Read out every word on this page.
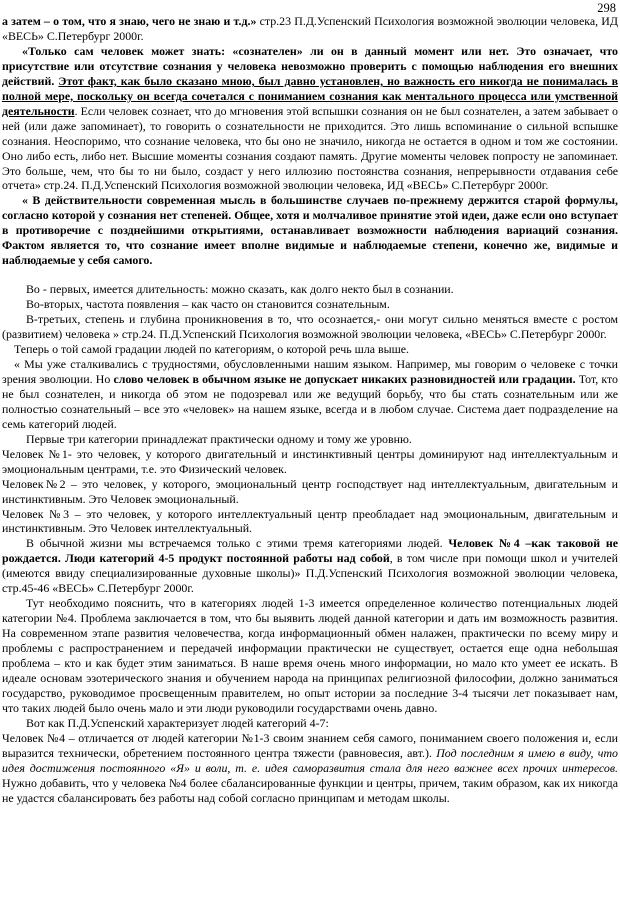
298

а затем – о том, что я знаю, чего не знаю и т.д.» стр.23 П.Д.Успенский Психология возможной эволюции человека, ИД «ВЕСЬ» С.Петербург 2000г.

«Только сам человек может знать: «сознателен» ли он в данный момент или нет. Это означает, что присутствие или отсутствие сознания у человека невозможно проверить с помощью наблюдения его внешних действий. Этот факт, как было сказано мною, был давно установлен, но важность его никогда не понималась в полной мере, поскольку он всегда сочетался с пониманием сознания как ментального процесса или умственной деятельности. Если человек сознает, что до мгновения этой вспышки сознания он не был сознателен, а затем забывает о ней (или даже запоминает), то говорить о сознательности не приходится. Это лишь вспоминание о сильной вспышке сознания. Неоспоримо, что сознание человека, что бы оно не значило, никогда не остается в одном и том же состоянии. Оно либо есть, либо нет. Высшие моменты сознания создают память. Другие моменты человек попросту не запоминает. Это больше, чем, что бы то ни было, создаст у него иллюзию постоянства сознания, непрерывности отдавания себе отчета» стр.24. П.Д.Успенский Психология возможной эволюции человека, ИД «ВЕСЬ» С.Петербург 2000г.

« В действительности современная мысль в большинстве случаев по-прежнему держится старой формулы, согласно которой у сознания нет степеней. Общее, хотя и молчаливое принятие этой идеи, даже если оно вступает в противоречие с позднейшими открытиями, останавливает возможности наблюдения вариаций сознания. Фактом является то, что сознание имеет вполне видимые и наблюдаемые степени, конечно же, видимые и наблюдаемые у себя самого.

Во - первых, имеется длительность: можно сказать, как долго некто был в сознании.

Во-вторых, частота появления – как часто он становится сознательным.

В-третьих, степень и глубина проникновения в то, что осознается,- они могут сильно меняться вместе с ростом (развитием) человека » стр.24. П.Д.Успенский Психология возможной эволюции человека, «ВЕСЬ» С.Петербург 2000г.

Теперь о той самой градации людей по категориям, о которой речь шла выше.

« Мы уже сталкивались с трудностями, обусловленными нашим языком. Например, мы говорим о человеке с точки зрения эволюции. Но слово человек в обычном языке не допускает никаких разновидностей или градации. Тот, кто не был сознателен, и никогда об этом не подозревал или же ведущий борьбу, что бы стать сознательным или же полностью сознательный – все это «человек» на нашем языке, всегда и в любом случае. Система дает подразделение на семь категорий людей.

Первые три категории принадлежат практически одному и тому же уровню.

Человек №1- это человек, у которого двигательный и инстинктивный центры доминируют над интеллектуальным и эмоциональным центрами, т.е. это Физический человек.

Человек№2 – это человек, у которого, эмоциональный центр господствует над интеллектуальным, двигательным и инстинктивным. Это Человек эмоциональный.

Человек №3 – это человек, у которого интеллектуальный центр преобладает над эмоциональным, двигательным и инстинктивным. Это Человек интеллектуальный.

В обычной жизни мы встречаемся только с этими тремя категориями людей. Человек №4 –как таковой не рождается. Люди категорий 4-5 продукт постоянной работы над собой, в том числе при помощи школ и учителей (имеются ввиду специализированные духовные школы)» П.Д.Успенский Психология возможной эволюции человека, стр.45-46 «ВЕСЬ» С.Петербург 2000г.

Тут необходимо пояснить, что в категориях людей 1-3 имеется определенное количество потенциальных людей категории №4. Проблема заключается в том, что бы выявить людей данной категории и дать им возможность развития. На современном этапе развития человечества, когда информационный обмен налажен, практически по всему миру и проблемы с распространением и передачей информации практически не существует, остается еще одна небольшая проблема – кто и как будет этим заниматься. В наше время очень много информации, но мало кто умеет ее искать. В идеале основам эзотерического знания и обучением народа на принципах религиозной философии, должно заниматься государство, руководимое просвещенным правителем, но опыт истории за последние 3-4 тысячи лет показывает нам, что таких людей было очень мало и эти люди руководили государствами очень давно.

Вот как П.Д.Успенский характеризует людей категорий 4-7:

Человек №4 – отличается от людей категории №1-3 своим знанием себя самого, пониманием своего положения и, если выразится технически, обретением постоянного центра тяжести (равновесия, авт.). Под последним я имею в виду, что идея достижения постоянного «Я» и воли, т. е. идея саморазвития стала для него важнее всех прочих интересов. Нужно добавить, что у человека №4 более сбалансированные функции и центры, причем, таким образом, как их никогда не удастся сбалансировать без работы над собой согласно принципам и методам школы.
